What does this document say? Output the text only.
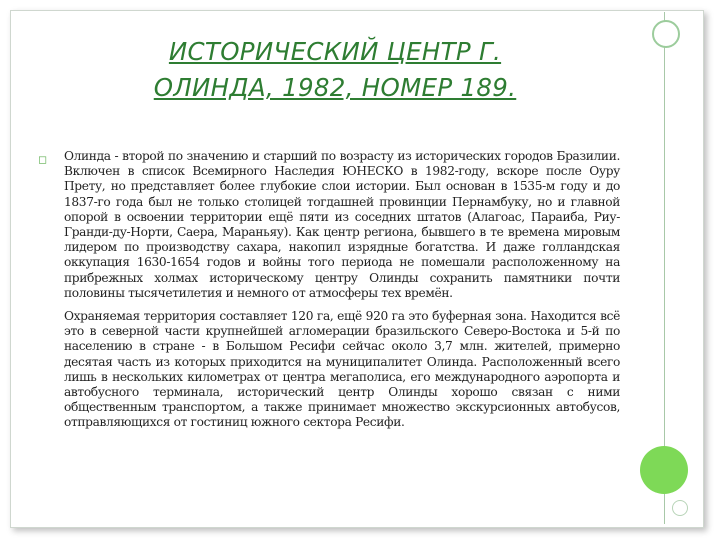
ИСТОРИЧЕСКИЙ ЦЕНТР Г.
ОЛИНДА, 1982, НОМЕР 189.
◻ Олинда - второй по значению и старший по возрасту из исторических городов Бразилии. Включен в список Всемирного Наследия ЮНЕСКО в 1982-году, вскоре после Оуру Прету, но представляет более глубокие слои истории. Был основан в 1535-м году и до 1837-го года был не только столицей тогдашней провинции Пернамбуку, но и главной опорой в освоении территории ещё пяти из соседних штатов (Алагоас, Параиба, Риу-Гранди-ду-Норти, Саера, Мараньяу). Как центр региона, бывшего в те времена мировым лидером по производству сахара, накопил изрядные богатства. И даже голландская оккупация 1630-1654 годов и войны того периода не помешали расположенному на прибрежных холмах историческому центру Олинды сохранить памятники почти половины тысячетилетия и немного от атмосферы тех времён.

Охраняемая территория составляет 120 га, ещё 920 га это буферная зона. Находится всё это в северной части крупнейшей агломерации бразильского Северо-Востока и 5-й по населению в стране - в Большом Ресифи сейчас около 3,7 млн. жителей, примерно десятая часть из которых приходится на муниципалитет Олинда. Расположенный всего лишь в нескольких километрах от центра мегаполиса, его международного аэропорта и автобусного терминала, исторический центр Олинды хорошо связан с ними общественным транспортом, а также принимает множество экскурсионных автобусов, отправляющихся от гостиниц южного сектора Ресифи.
